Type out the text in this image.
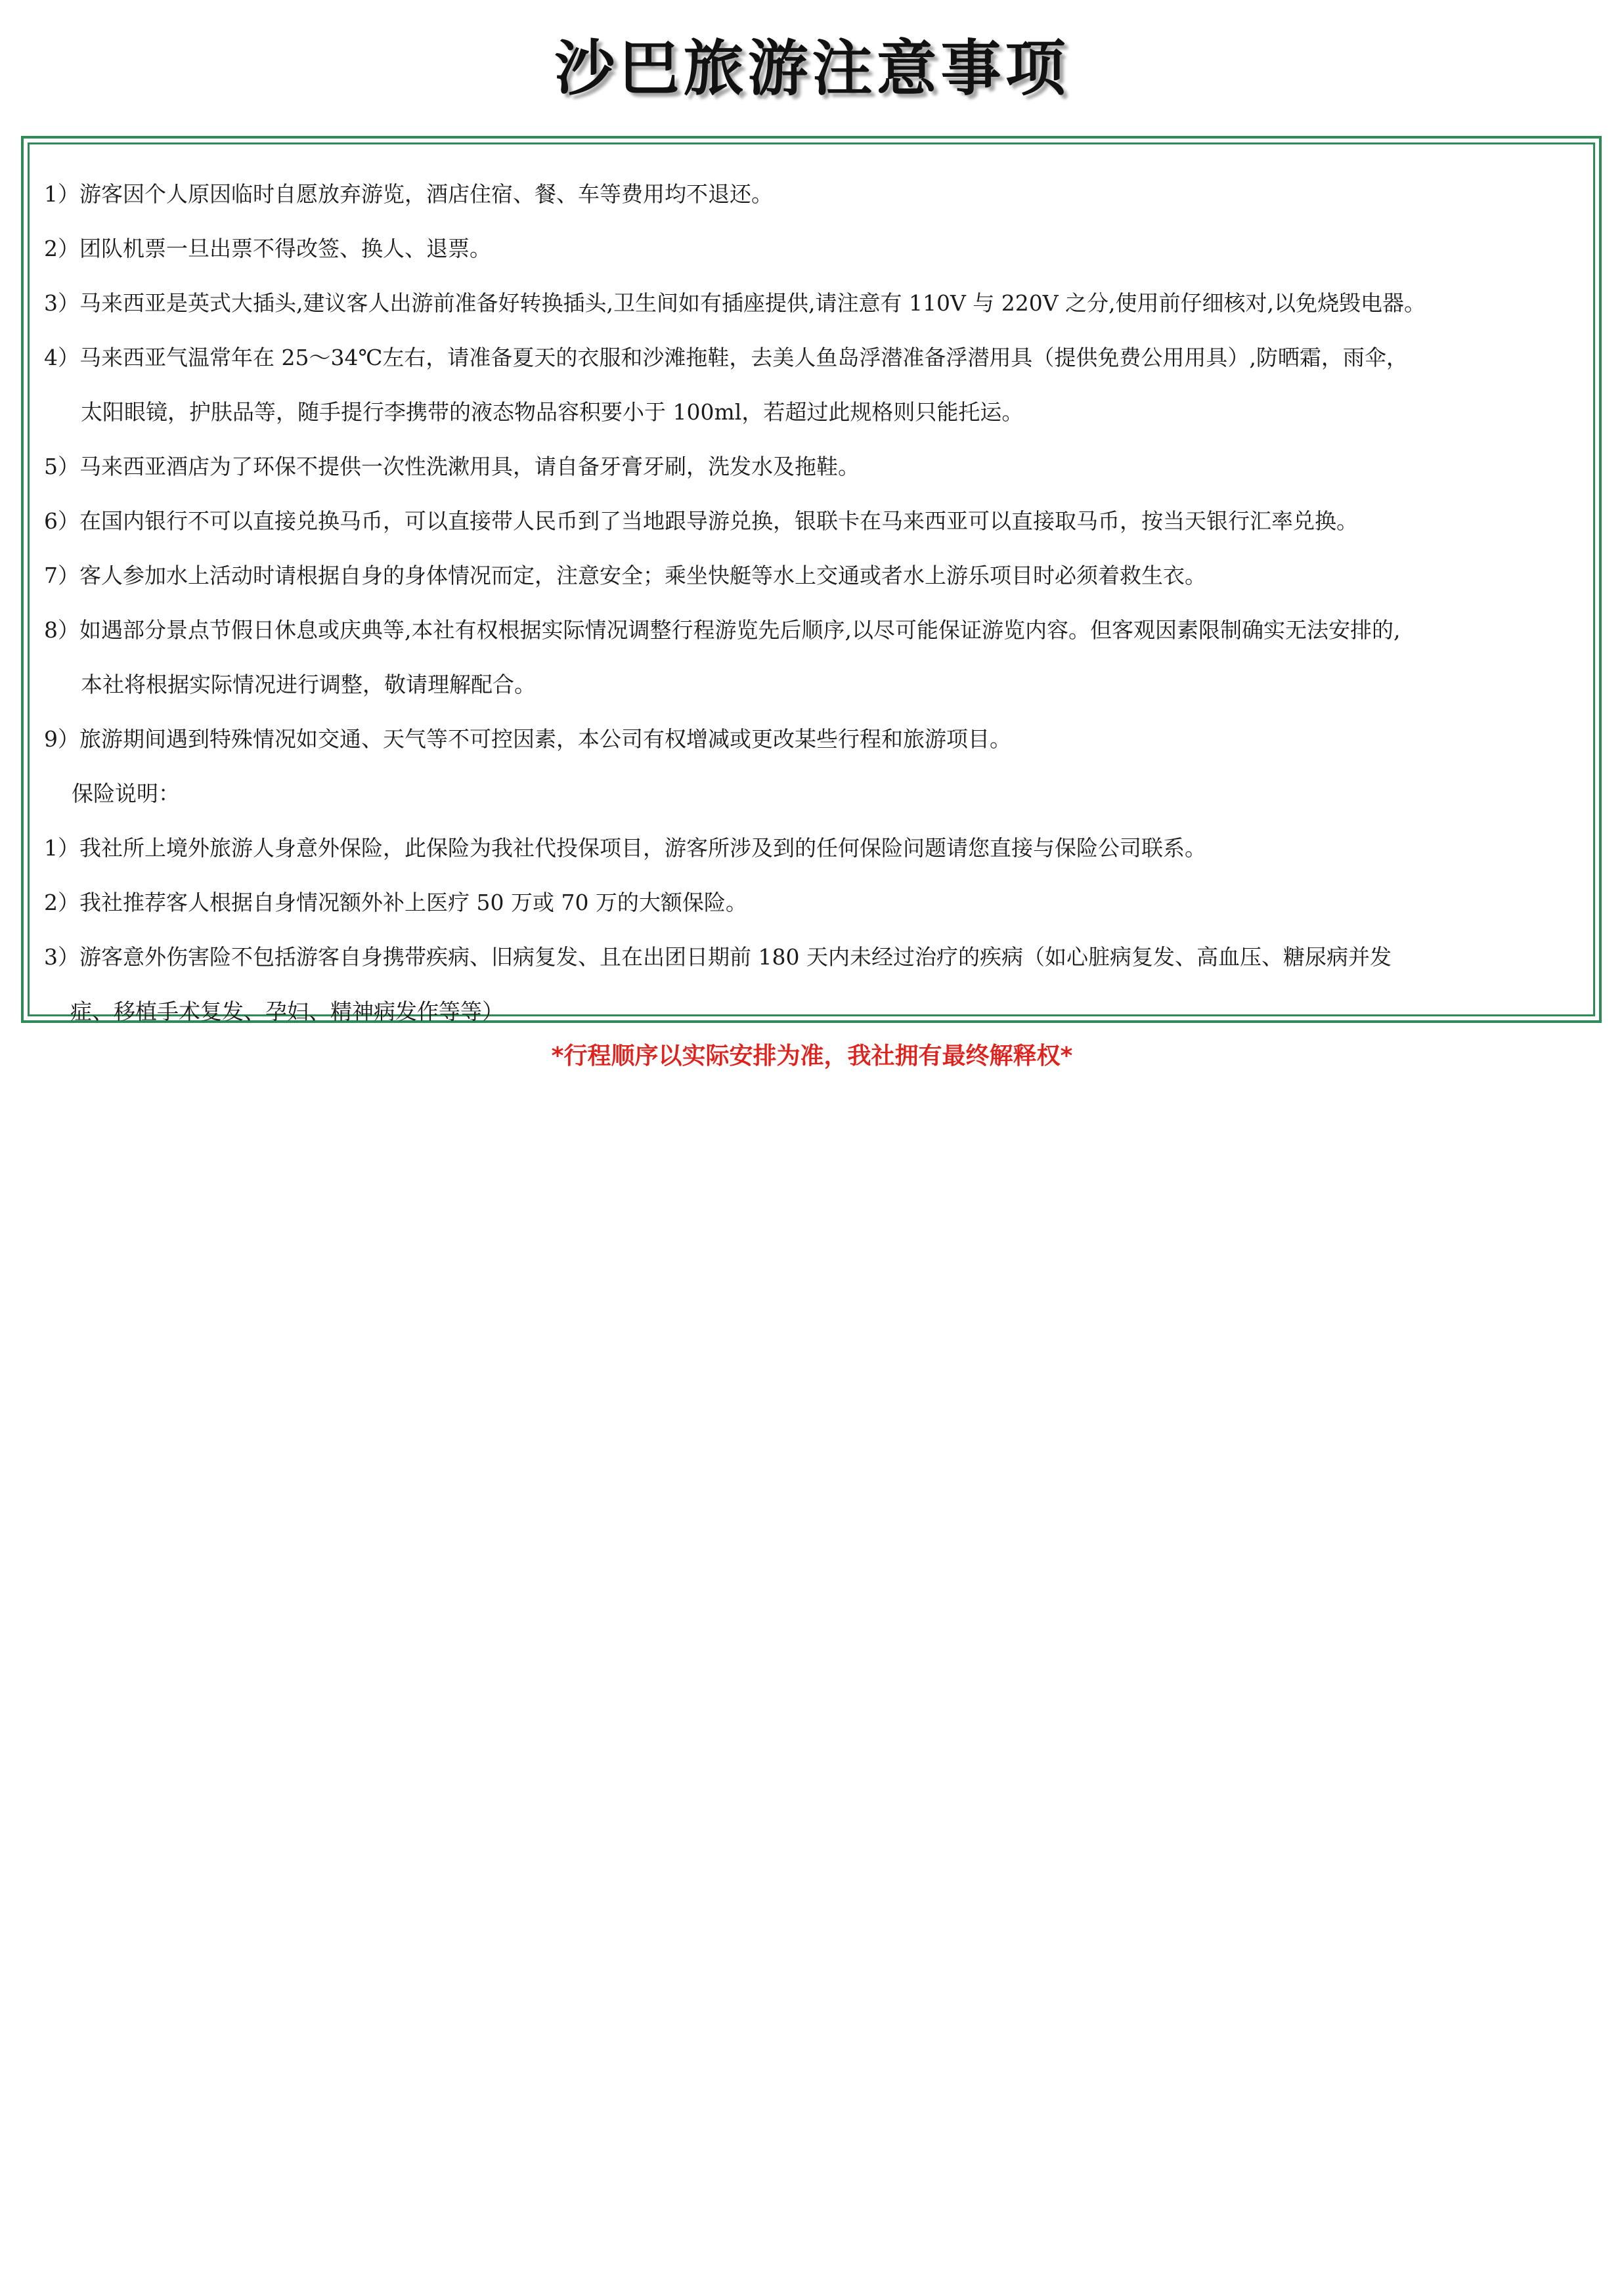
沙巴旅游注意事项
1）游客因个人原因临时自愿放弃游览，酒店住宿、餐、车等费用均不退还。
2）团队机票一旦出票不得改签、换人、退票。
3）马来西亚是英式大插头,建议客人出游前准备好转换插头,卫生间如有插座提供,请注意有 110V 与 220V 之分,使用前仔细核对,以免烧毁电器。
4）马来西亚气温常年在 25～34℃左右，请准备夏天的衣服和沙滩拖鞋，去美人鱼岛浮潜准备浮潜用具（提供免费公用用具）,防晒霜，雨伞，
太阳眼镜，护肤品等，随手提行李携带的液态物品容积要小于 100ml，若超过此规格则只能托运。
5）马来西亚酒店为了环保不提供一次性洗漱用具，请自备牙膏牙刷，洗发水及拖鞋。
6）在国内银行不可以直接兑换马币，可以直接带人民币到了当地跟导游兑换，银联卡在马来西亚可以直接取马币，按当天银行汇率兑换。
7）客人参加水上活动时请根据自身的身体情况而定，注意安全；乘坐快艇等水上交通或者水上游乐项目时必须着救生衣。
8）如遇部分景点节假日休息或庆典等,本社有权根据实际情况调整行程游览先后顺序,以尽可能保证游览内容。但客观因素限制确实无法安排的,
本社将根据实际情况进行调整，敬请理解配合。
9）旅游期间遇到特殊情况如交通、天气等不可控因素，本公司有权增减或更改某些行程和旅游项目。
保险说明：
1）我社所上境外旅游人身意外保险，此保险为我社代投保项目，游客所涉及到的任何保险问题请您直接与保险公司联系。
2）我社推荐客人根据自身情况额外补上医疗 50 万或 70 万的大额保险。
3）游客意外伤害险不包括游客自身携带疾病、旧病复发、且在出团日期前 180 天内未经过治疗的疾病（如心脏病复发、高血压、糖尿病并发
症、移植手术复发、孕妇、精神病发作等等）
*行程顺序以实际安排为准，我社拥有最终解释权*
